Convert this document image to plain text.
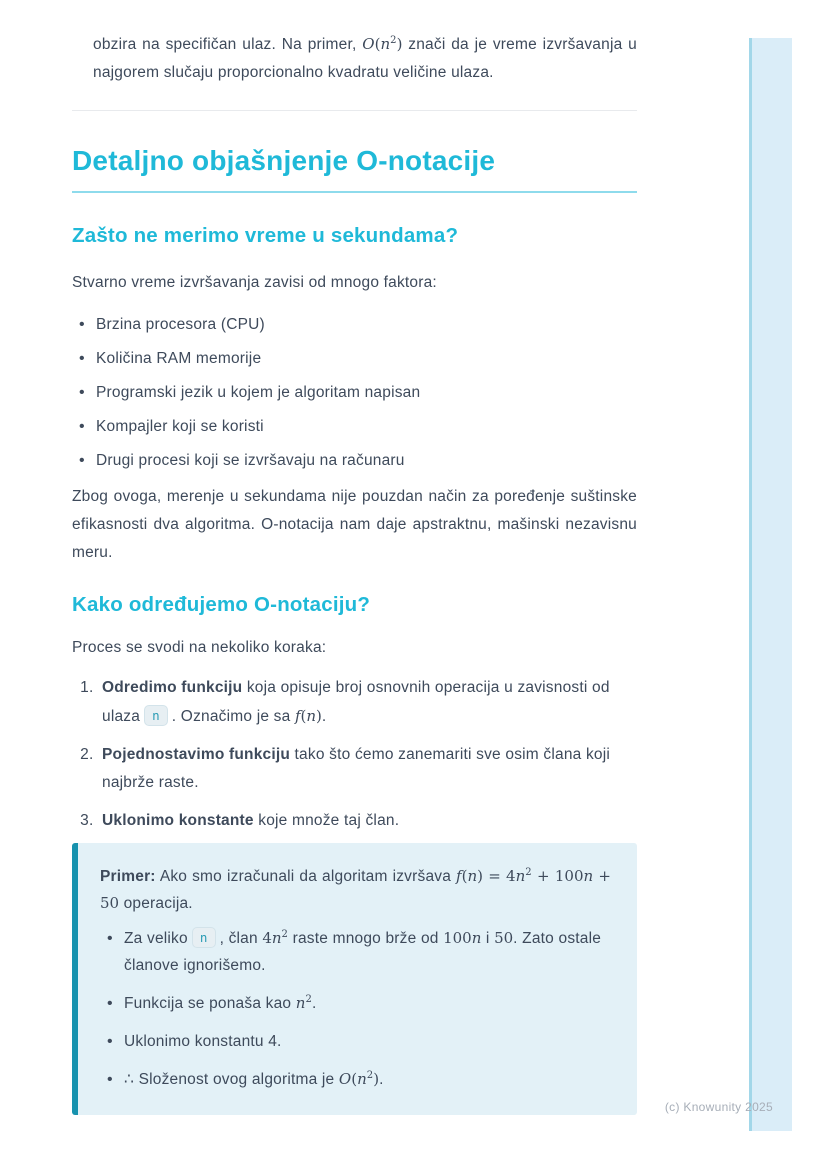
obzira na specifičan ulaz. Na primer, $O(n^2)$ znači da je vreme izvršavanja u najgorem slučaju proporcionalno kvadratu veličine ulaza.

Detaljno objašnjenje O-notacije
Zašto ne merimo vreme u sekundama?

Stvarno vreme izvršavanja zavisi od mnogo faktora:

• Brzina procesora (CPU)
• Količina RAM memorije
• Programski jezik u kojem je algoritam napisan
• Kompajler koji se koristi
• Drugi procesi koji se izvršavaju na računaru

Zbog ovoga, merenje u sekundama nije pouzdan način za poređenje suštinske efikasnosti dva algoritma. O-notacija nam daje apstraktnu, mašinski nezavisnu meru.

Kako određujemo O-notaciju?

Proces se svodi na nekoliko koraka:

1. Odredimo funkciju koja opisuje broj osnovnih operacija u zavisnosti od ulaza n . Označimo je sa f(n).
2. Pojednostavimo funkciju tako što ćemo zanemariti sve osim člana koji najbrže raste.
3. Uklonimo konstante koje množe taj član.

Primer: Ako smo izračunali da algoritam izvršava $f(n) = 4n^2 + 100n + 50$ operacija.

• Za veliko n , član $4n^2$ raste mnogo brže od 100n i 50. Zato ostale članove ignorišemo.
• Funkcija se ponaša kao $n^2$.
• Uklonimo konstantu 4.
• ∴ Složenost ovog algoritma je $O(n^2)$.
(c) Knowunity 2025
